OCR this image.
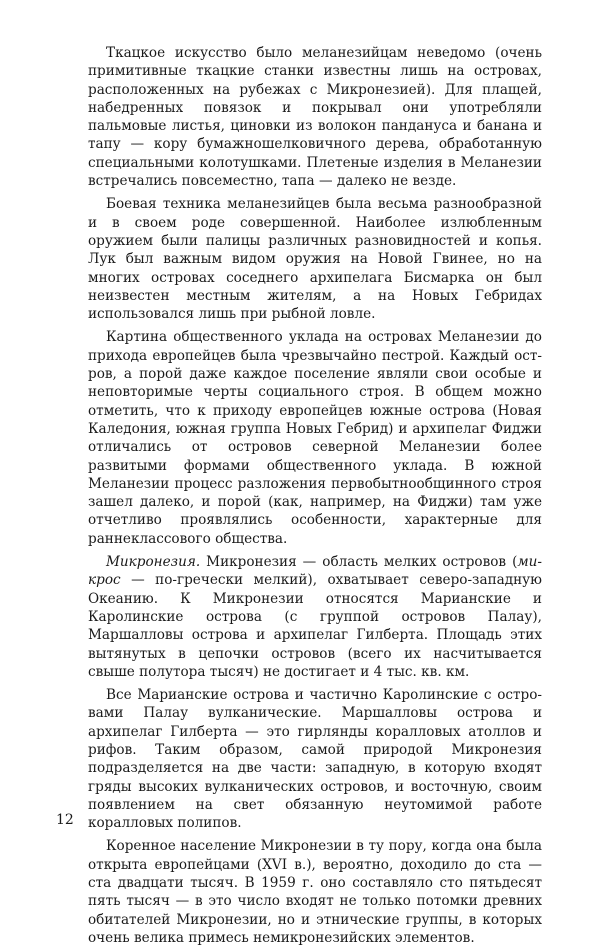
Ткацкое искусство было меланезийцам неведомо (очень примитивные ткацкие станки известны лишь на островах, расположенных на рубежах с Микронезией). Для плащей, набедренных повязок и покрывал они употребляли пальмовые листья, циновки из волокон пандануса и банана и тапу — кору бумажношелковичного дерева, обработанную специальными колотушками. Плетеные изделия в Меланезии встречались повсеместно, тапа — далеко не везде.

Боевая техника меланезийцев была весьма разнообразной и в своем роде совершенной. Наиболее излюбленным оружием были палицы различных разновидностей и копья. Лук был важным видом оружия на Новой Гвинее, но на многих островах соседнего архипелага Бисмарка он был неизвестен местным жителям, а на Новых Гебридах использовался лишь при рыбной ловле.

Картина общественного уклада на островах Меланезии до прихода европейцев была чрезвычайно пестрой. Каждый остров, а порой даже каждое поселение являли свои особые и неповторимые черты социального строя. В общем можно отметить, что к приходу европейцев южные острова (Новая Каледония, южная группа Новых Гебрид) и архипелаг Фиджи отличались от островов северной Меланезии более развитыми формами общественного уклада. В южной Меланезии процесс разложения первобытнообщинного строя зашел далеко, и порой (как, например, на Фиджи) там уже отчетливо проявлялись особенности, характерные для раннеклассового общества.

Микронезия. Микронезия — область мелких островов (микрос — по-гречески мелкий), охватывает северо-западную Океанию. К Микронезии относятся Марианские и Каролинские острова (с группой островов Палау), Маршалловы острова и архипелаг Гилберта. Площадь этих вытянутых в цепочки островов (всего их насчитывается свыше полутора тысяч) не достигает и 4 тыс. кв. км.

Все Марианские острова и частично Каролинские с островами Палау вулканические. Маршалловы острова и архипелаг Гилберта — это гирлянды коралловых атоллов и рифов. Таким образом, самой природой Микронезия подразделяется на две части: западную, в которую входят гряды высоких вулканических островов, и восточную, своим появлением на свет обязанную неутомимой работе коралловых полипов.

Коренное население Микронезии в ту пору, когда она была открыта европейцами (XVI в.), вероятно, доходило до ста — ста двадцати тысяч. В 1959 г. оно составляло сто пятьдесят пять тысяч — в это число входят не только потомки древних обитателей Микронезии, но и этнические группы, в которых очень велика примесь немикронезийских элементов.

12
